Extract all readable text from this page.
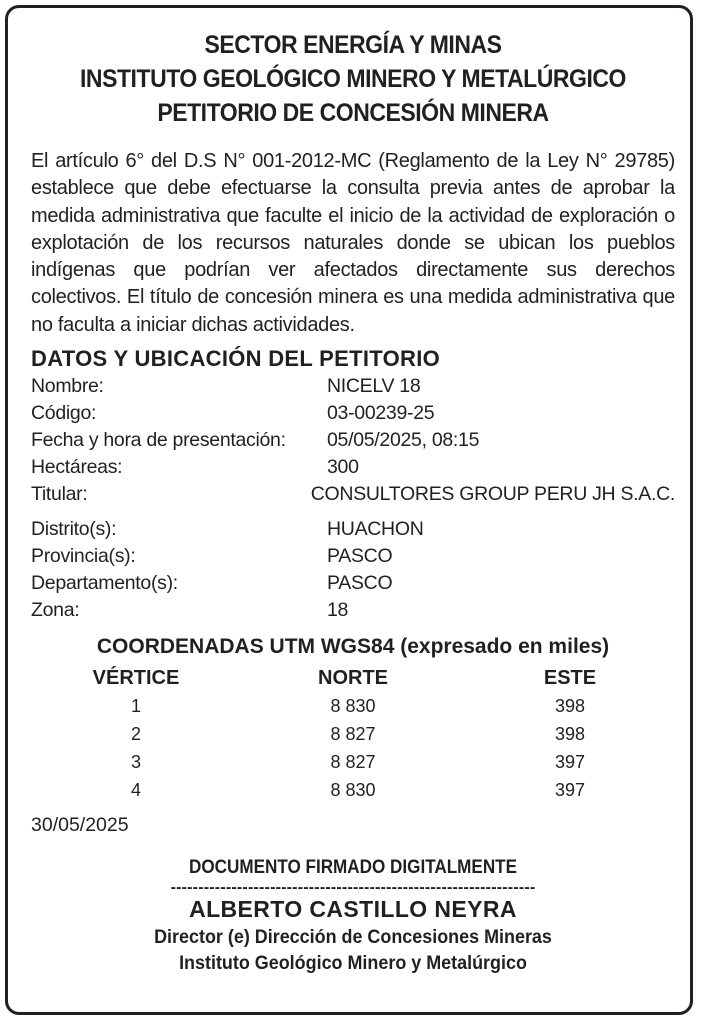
SECTOR ENERGÍA Y MINAS
INSTITUTO GEOLÓGICO MINERO Y METALÚRGICO
PETITORIO DE CONCESIÓN MINERA
El artículo 6° del D.S N° 001-2012-MC (Reglamento de la Ley N° 29785) establece que debe efectuarse la consulta previa antes de aprobar la medida administrativa que faculte el inicio de la actividad de exploración o explotación de los recursos naturales donde se ubican los pueblos indígenas que podrían ver afectados directamente sus derechos colectivos. El título de concesión minera es una medida administrativa que no faculta a iniciar dichas actividades.
DATOS Y UBICACIÓN DEL PETITORIO
Nombre:	NICELV 18
Código:	03-00239-25
Fecha y hora de presentación:	05/05/2025, 08:15
Hectáreas:	300
Titular:	CONSULTORES GROUP PERU JH S.A.C.
Distrito(s):	HUACHON
Provincia(s):	PASCO
Departamento(s):	PASCO
Zona:	18
COORDENADAS UTM WGS84 (expresado en miles)
VÉRTICE	NORTE	ESTE
1	8 830	398
2	8 827	398
3	8 827	397
4	8 830	397
30/05/2025
DOCUMENTO FIRMADO DIGITALMENTE
------------------------------------------------------------------
ALBERTO CASTILLO NEYRA
Director (e) Dirección de Concesiones Mineras
Instituto Geológico Minero y Metalúrgico
